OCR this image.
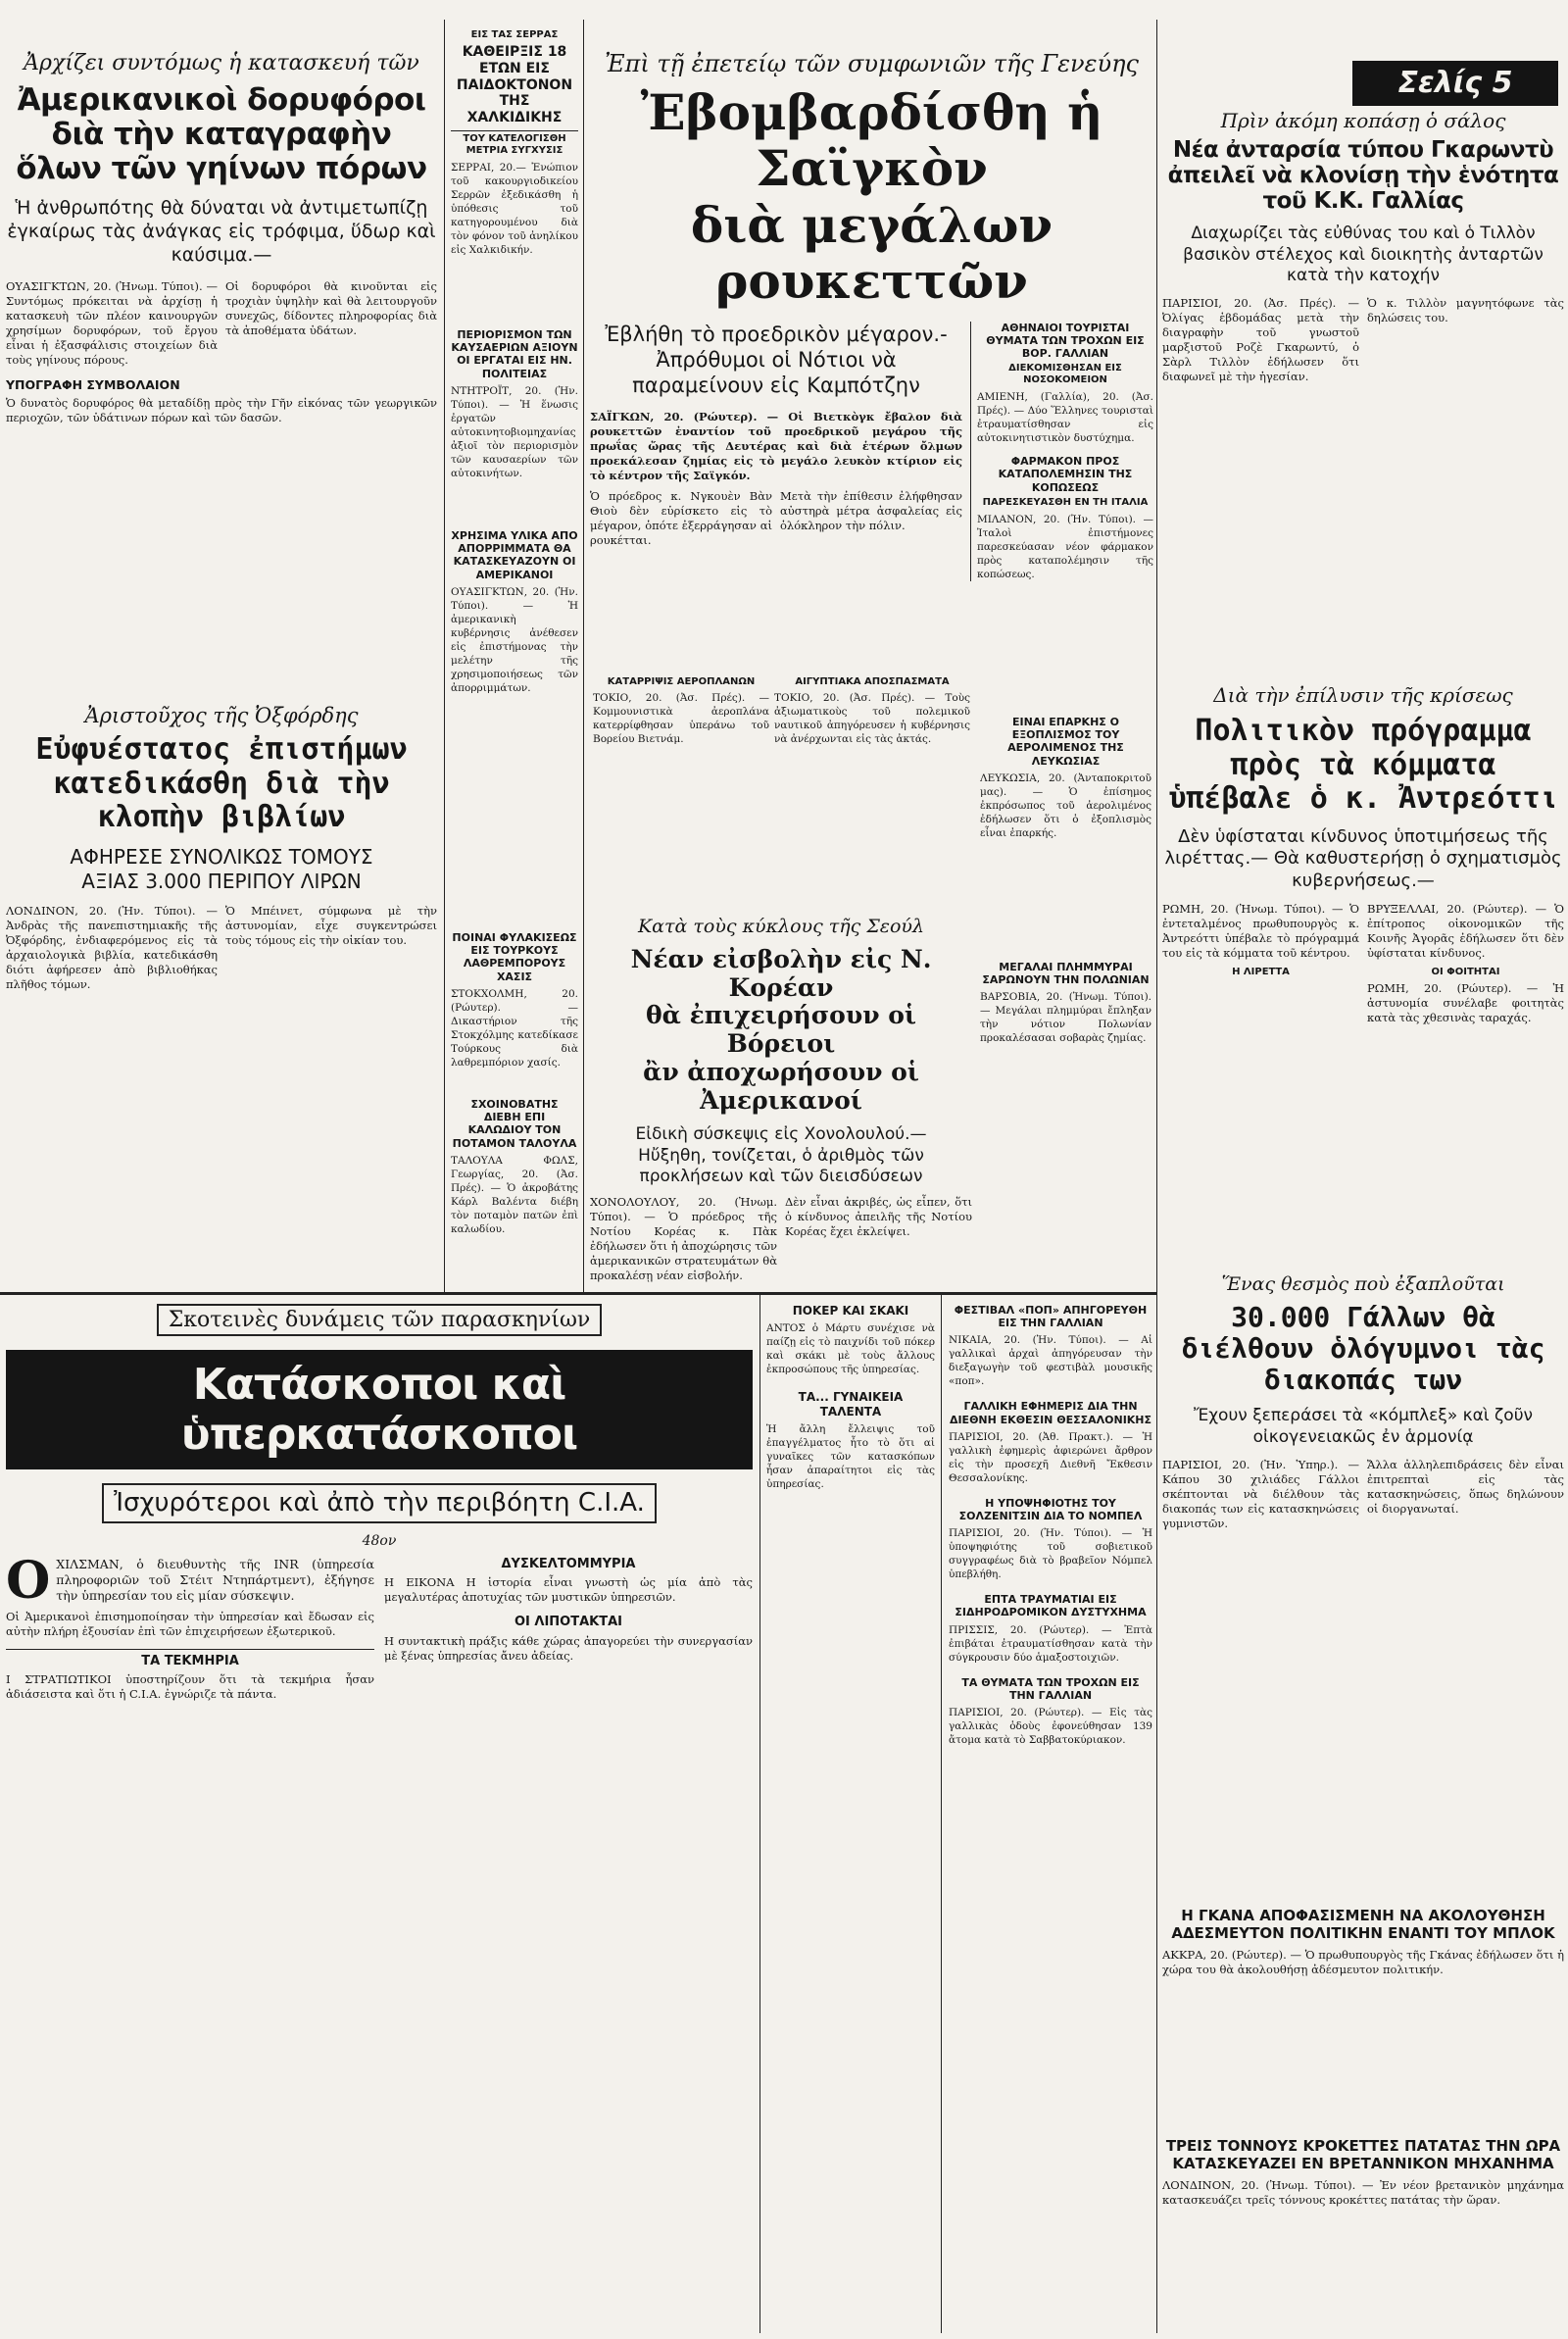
Σελίς 5
Ἀρχίζει συντόμως ἡ κατασκευή τῶν
Ἀμερικανικοὶ δορυφόροι διὰ τὴν καταγραφὴν ὅλων τῶν γηίνων πόρων
Ἡ ἀνθρωπότης θὰ δύναται νὰ ἀντιμετωπίζῃ ἐγκαίρως τὰς ἀνάγκας εἰς τρόφιμα, ὕδωρ καὶ καύσιμα.—
ΟΥΑΣΙΓΚΤΩΝ, 20. (Ἠνωμ. Τύποι). — Συντόμως πρόκειται νὰ ἀρχίσῃ ἡ κατασκευὴ τῶν πλέον καινουργῶν χρησίμων δορυφόρων, τοῦ ἔργου εἶναι ἡ ἐξασφάλισις στοιχείων διὰ τοὺς γηίνους πόρους.
Οἱ δορυφόροι θὰ κινοῦνται εἰς τροχιὰν ὑψηλὴν καὶ θὰ λειτουργοῦν συνεχῶς, δίδοντες πληροφορίας διὰ τὰ ἀποθέματα ὑδάτων.
ΥΠΟΓΡΑΦΗ ΣΥΜΒΟΛΑΙΟΝ
Ὁ δυνατὸς δορυφόρος θὰ μεταδίδῃ πρὸς τὴν Γῆν εἰκόνας τῶν γεωργικῶν περιοχῶν, τῶν ὑδάτινων πόρων καὶ τῶν δασῶν.
Ἀριστοῦχος τῆς Ὀξφόρδης
Εὐφυέστατος ἐπιστήμων κατεδικάσθη διὰ τὴν κλοπὴν βιβλίων
ΑΦΗΡΕΣΕ ΣΥΝΟΛΙΚΩΣ ΤΟΜΟΥΣ
ΑΞΙΑΣ 3.000 ΠΕΡΙΠΟΥ ΛΙΡΩΝ
ΛΟΝΔΙΝΟΝ, 20. (Ἠν. Τύποι). — Ἀνδρὰς τῆς πανεπιστημιακῆς τῆς Ὀξφόρδης, ἐνδιαφερόμενος εἰς τὰ ἀρχαιολογικὰ βιβλία, κατεδικάσθη διότι ἀφήρεσεν ἀπὸ βιβλιοθήκας πλῆθος τόμων.
Ὁ Μπέινετ, σύμφωνα μὲ τὴν ἀστυνομίαν, εἶχε συγκεντρώσει τοὺς τόμους εἰς τὴν οἰκίαν του.
ΕΙΣ ΤΑΣ ΣΕΡΡΑΣ
ΚΑΘΕΙΡΞΙΣ 18 ΕΤΩΝ ΕΙΣ ΠΑΙΔΟΚΤΟΝΟΝ ΤΗΣ ΧΑΛΚΙΔΙΚΗΣ
ΤΟΥ ΚΑΤΕΛΟΓΙΣΘΗ
ΜΕΤΡΙΑ ΣΥΓΧΥΣΙΣ
ΣΕΡΡΑΙ, 20.— Ἐνώπιον τοῦ κακουργιοδικείου Σερρῶν ἐξεδικάσθη ἡ ὑπόθεσις τοῦ κατηγορουμένου διὰ τὸν φόνον τοῦ ἀνηλίκου εἰς Χαλκιδικήν.
ΠΕΡΙΟΡΙΣΜΟΝ ΤΩΝ ΚΑΥΣΑΕΡΙΩΝ ΑΞΙΟΥΝ ΟΙ ΕΡΓΑΤΑΙ ΕΙΣ ΗΝ. ΠΟΛΙΤΕΙΑΣ
ΝΤΗΤΡΟΪΤ, 20. (Ἠν. Τύποι). — Ἡ ἕνωσις ἐργατῶν αὐτοκινητοβιομηχανίας ἀξιοῖ τὸν περιορισμὸν τῶν καυσαερίων τῶν αὐτοκινήτων.
ΧΡΗΣΙΜΑ ΥΛΙΚΑ ΑΠΟ ΑΠΟΡΡΙΜΜΑΤΑ ΘΑ ΚΑΤΑΣΚΕΥΑΖΟΥΝ ΟΙ ΑΜΕΡΙΚΑΝΟΙ
ΟΥΑΣΙΓΚΤΩΝ, 20. (Ἠν. Τύποι). — Ἡ ἀμερικανικὴ κυβέρνησις ἀνέθεσεν εἰς ἐπιστήμονας τὴν μελέτην τῆς χρησιμοποιήσεως τῶν ἀπορριμμάτων.
ΠΟΙΝΑΙ ΦΥΛΑΚΙΣΕΩΣ ΕΙΣ ΤΟΥΡΚΟΥΣ ΛΑΘΡΕΜΠΟΡΟΥΣ ΧΑΣΙΣ
ΣΤΟΚΧΟΛΜΗ, 20. (Ρώυτερ). — Δικαστήριον τῆς Στοκχόλμης κατεδίκασε Τούρκους διὰ λαθρεμπόριον χασίς.
ΣΧΟΙΝΟΒΑΤΗΣ ΔΙΕΒΗ ΕΠΙ ΚΑΛΩΔΙΟΥ ΤΟΝ ΠΟΤΑΜΟΝ ΤΑΛΟΥΛΑ
ΤΑΛΟΥΛΑ ΦΩΛΣ, Γεωργίας, 20. (Ἀσ. Πρές). — Ὁ ἀκροβάτης Κάρλ Βαλέντα διέβη τὸν ποταμὸν πατῶν ἐπὶ καλωδίου.
Ἐπὶ τῇ ἐπετείῳ τῶν συμφωνιῶν τῆς Γενεύης
Ἐβομβαρδίσθη ἡ Σαϊγκὸν
διὰ μεγάλων ρουκεττῶν
Ἐβλήθη τὸ προεδρικὸν μέγαρον.-
Ἀπρόθυμοι οἱ Νότιοι νὰ παραμείνουν εἰς Καμπότζην
ΣΑΪΓΚΩΝ, 20. (Ρώυτερ). — Οἱ Βιετκὸγκ ἔβαλον διὰ ρουκεττῶν ἐναντίον τοῦ προεδρικοῦ μεγάρου τῆς πρωΐας ὥρας τῆς Δευτέρας καὶ διὰ ἑτέρων ὄλμων προεκάλεσαν ζημίας εἰς τὸ μεγάλο λευκὸν κτίριον εἰς τὸ κέντρον τῆς Σαϊγκόν.
Ὁ πρόεδρος κ. Νγκουὲν Βὰν Θιοὺ δὲν εὑρίσκετο εἰς τὸ μέγαρον, ὁπότε ἐξερράγησαν αἱ ρουκέτται.
Μετὰ τὴν ἐπίθεσιν ἐλήφθησαν αὐστηρὰ μέτρα ἀσφαλείας εἰς ὁλόκληρον τὴν πόλιν.
ΑΘΗΝΑΙΟΙ ΤΟΥΡΙΣΤΑΙ ΘΥΜΑΤΑ ΤΩΝ ΤΡΟΧΩΝ ΕΙΣ ΒΟΡ. ΓΑΛΛΙΑΝ
ΔΙΕΚΟΜΙΣΘΗΣΑΝ ΕΙΣ ΝΟΣΟΚΟΜΕΙΟΝ
ΑΜΙΕΝΗ, (Γαλλία), 20. (Ἀσ. Πρές). — Δύο Ἕλληνες τουρισταὶ ἐτραυματίσθησαν εἰς αὐτοκινητιστικὸν δυστύχημα.
ΦΑΡΜΑΚΟΝ ΠΡΟΣ ΚΑΤΑΠΟΛΕΜΗΣΙΝ ΤΗΣ ΚΟΠΩΣΕΩΣ
ΠΑΡΕΣΚΕΥΑΣΘΗ ΕΝ ΤΗ ΙΤΑΛΙΑ
ΜΙΛΑΝΟΝ, 20. (Ἠν. Τύποι). — Ἰταλοὶ ἐπιστήμονες παρεσκεύασαν νέον φάρμακον πρὸς καταπολέμησιν τῆς κοπώσεως.
ΑΙΓΥΠΤΙΑΚΑ ΑΠΟΣΠΑΣΜΑΤΑ
ΤΟΚΙΟ, 20. (Ἀσ. Πρές). — Τοὺς ἀξιωματικοὺς τοῦ πολεμικοῦ ναυτικοῦ ἀπηγόρευσεν ἡ κυβέρνησις νὰ ἀνέρχωνται εἰς τὰς ἀκτάς.
ΚΑΤΑΡΡΙΨΙΣ ΑΕΡΟΠΛΑΝΩΝ
ΤΟΚΙΟ, 20. (Ἀσ. Πρές). — Κομμουνιστικὰ ἀεροπλάνα κατερρίφθησαν ὑπεράνω τοῦ Βορείου Βιετνάμ.
Κατὰ τοὺς κύκλους τῆς Σεούλ
Νέαν εἰσβολὴν εἰς Ν. Κορέαν
θὰ ἐπιχειρήσουν οἱ Βόρειοι
ἂν ἀποχωρήσουν οἱ Ἀμερικανοί
Εἰδικὴ σύσκεψις εἰς Χονολουλού.—
Ηὔξηθη, τονίζεται, ὁ ἀριθμὸς τῶν
προκλήσεων καὶ τῶν διεισδύσεων
ΧΟΝΟΛΟΥΛΟΥ, 20. (Ἠνωμ. Τύποι). — Ὁ πρόεδρος τῆς Νοτίου Κορέας κ. Πὰκ ἐδήλωσεν ὅτι ἡ ἀποχώρησις τῶν ἀμερικανικῶν στρατευμάτων θὰ προκαλέσῃ νέαν εἰσβολήν.
Δὲν εἶναι ἀκριβές, ὡς εἶπεν, ὅτι ὁ κίνδυνος ἀπειλῆς τῆς Νοτίου Κορέας ἔχει ἐκλείψει.
ΕΙΝΑΙ ΕΠΑΡΚΗΣ Ο ΕΞΟΠΛΙΣΜΟΣ ΤΟΥ ΑΕΡΟΛΙΜΕΝΟΣ ΤΗΣ ΛΕΥΚΩΣΙΑΣ
ΛΕΥΚΩΣΙΑ, 20. (Ἀνταποκριτοῦ μας). — Ὁ ἐπίσημος ἐκπρόσωπος τοῦ ἀερολιμένος ἐδήλωσεν ὅτι ὁ ἐξοπλισμὸς εἶναι ἐπαρκής.
ΜΕΓΑΛΑΙ ΠΛΗΜΜΥΡΑΙ ΣΑΡΩΝΟΥΝ ΤΗΝ ΠΟΛΩΝΙΑΝ
ΒΑΡΣΟΒΙΑ, 20. (Ἠνωμ. Τύποι). — Μεγάλαι πλημμύραι ἔπληξαν τὴν νότιον Πολωνίαν προκαλέσασαι σοβαρὰς ζημίας.
Πρὶν ἀκόμη κοπάσῃ ὁ σάλος
Νέα ἀνταρσία τύπου Γκαρωντὺ ἀπειλεῖ νὰ κλονίσῃ τὴν ἑνότητα τοῦ Κ.Κ. Γαλλίας
Διαχωρίζει τὰς εὐθύνας του καὶ ὁ Τιλλὸν βασικὸν στέλεχος καὶ διοικητὴς ἀνταρτῶν κατὰ τὴν κατοχήν
ΠΑΡΙΣΙΟΙ, 20. (Ἀσ. Πρές). — Ὀλίγας ἑβδομάδας μετὰ τὴν διαγραφὴν τοῦ γνωστοῦ μαρξιστοῦ Ροζὲ Γκαρωντύ, ὁ Σὰρλ Τιλλὸν ἐδήλωσεν ὅτι διαφωνεῖ μὲ τὴν ἡγεσίαν.
Ὁ κ. Τιλλὸν μαγνητόφωνε τὰς δηλώσεις του.
Διὰ τὴν ἐπίλυσιν τῆς κρίσεως
Πολιτικὸν πρόγραμμα πρὸς τὰ κόμματα ὑπέβαλε ὁ κ. Ἀντρεόττι
Δὲν ὑφίσταται κίνδυνος ὑποτιμήσεως τῆς λιρέττας.— Θὰ καθυστερήσῃ ὁ σχηματισμὸς κυβερνήσεως.—
ΡΩΜΗ, 20. (Ἠνωμ. Τύποι). — Ὁ ἐντεταλμένος πρωθυπουργὸς κ. Ἀντρεόττι ὑπέβαλε τὸ πρόγραμμά του εἰς τὰ κόμματα τοῦ κέντρου.
Η ΛΙΡΕΤΤΑ
ΒΡΥΞΕΛΛΑΙ, 20. (Ρώυτερ). — Ὁ ἐπίτροπος οἰκονομικῶν τῆς Κοινῆς Ἀγορᾶς ἐδήλωσεν ὅτι δὲν ὑφίσταται κίνδυνος.
ΟΙ ΦΟΙΤΗΤΑΙ
ΡΩΜΗ, 20. (Ρώυτερ). — Ἡ ἀστυνομία συνέλαβε φοιτητὰς κατὰ τὰς χθεσινὰς ταραχάς.
Ἕνας θεσμὸς ποὺ ἐξαπλοῦται
30.000 Γάλλων θὰ διέλθουν ὁλόγυμνοι τὰς διακοπάς των
Ἔχουν ξεπεράσει τὰ «κόμπλεξ» καὶ ζοῦν οἰκογενειακῶς ἐν ἁρμονίᾳ
ΠΑΡΙΣΙΟΙ, 20. (Ἠν. Ὑπηρ.). — Κάπου 30 χιλιάδες Γάλλοι σκέπτονται νὰ διέλθουν τὰς διακοπάς των εἰς κατασκηνώσεις γυμνιστῶν.
Ἄλλα ἀλληλεπιδράσεις δὲν εἶναι ἐπιτρεπταὶ εἰς τὰς κατασκηνώσεις, ὅπως δηλώνουν οἱ διοργανωταί.
Η ΓΚΑΝΑ ΑΠΟΦΑΣΙΣΜΕΝΗ ΝΑ ΑΚΟΛΟΥΘΗΣΗ ΑΔΕΣΜΕΥΤΟΝ ΠΟΛΙΤΙΚΗΝ ΕΝΑΝΤΙ ΤΟΥ ΜΠΛΟΚ
ΑΚΚΡΑ, 20. (Ρώυτερ). — Ὁ πρωθυπουργὸς τῆς Γκάνας ἐδήλωσεν ὅτι ἡ χώρα του θὰ ἀκολουθήσῃ ἀδέσμευτον πολιτικήν.
ΤΡΕΙΣ ΤΟΝΝΟΥΣ ΚΡΟΚΕΤΤΕΣ ΠΑΤΑΤΑΣ ΤΗΝ ΩΡΑ ΚΑΤΑΣΚΕΥΑΖΕΙ ΕΝ ΒΡΕΤΑΝΝΙΚΟΝ ΜΗΧΑΝΗΜΑ
ΛΟΝΔΙΝΟΝ, 20. (Ἠνωμ. Τύποι). — Ἐν νέον βρετανικὸν μηχάνημα κατασκευάζει τρεῖς τόννους κροκέττες πατάτας τὴν ὥραν.
Σκοτεινὲς δυνάμεις τῶν παρασκηνίων
Κατάσκοποι καὶ ὑπερκατάσκοποι
Ἰσχυρότεροι καὶ ἀπὸ τὴν περιβόητη C.I.A.
48ον
OΧΙΛΣΜΑΝ, ὁ διευθυντὴς τῆς INR (ὑπηρεσία πληροφοριῶν τοῦ Στέιτ Ντηπάρτμεντ), ἐξήγησε τὴν ὑπηρεσίαν του εἰς μίαν σύσκεψιν.
Οἱ Ἀμερικανοὶ ἐπισημοποίησαν τὴν ὑπηρεσίαν καὶ ἔδωσαν εἰς αὐτὴν πλήρη ἐξουσίαν ἐπὶ τῶν ἐπιχειρήσεων ἐξωτερικοῦ.
ΤΑ ΤΕΚΜΗΡΙΑ
Ι ΣΤΡΑΤΙΩΤΙΚΟΙ ὑποστηρίζουν ὅτι τὰ τεκμήρια ἦσαν ἀδιάσειστα καὶ ὅτι ἡ C.I.A. ἐγνώριζε τὰ πάντα.
ΔΥΣΚΕΛΤΟΜΜΥΡΙΑ
Η ΕΙΚΟΝΑ Η ἱστορία εἶναι γνωστὴ ὡς μία ἀπὸ τὰς μεγαλυτέρας ἀποτυχίας τῶν μυστικῶν ὑπηρεσιῶν.
ΟΙ ΛΙΠΟΤΑΚΤΑΙ
Η συντακτικὴ πράξις κάθε χώρας ἀπαγορεύει τὴν συνεργασίαν μὲ ξένας ὑπηρεσίας ἄνευ ἀδείας.
ΠΟΚΕΡ ΚΑΙ ΣΚΑΚΙ
ΑΝΤΟΣ ὁ Μάρτυ συνέχισε νὰ παίζῃ εἰς τὸ παιχνίδι τοῦ πόκερ καὶ σκάκι μὲ τοὺς ἄλλους ἐκπροσώπους τῆς ὑπηρεσίας.
ΤΑ... ΓΥΝΑΙΚΕΙΑ ΤΑΛΕΝΤΑ
Ἡ ἄλλη ἔλλειψις τοῦ ἐπαγγέλματος ἦτο τὸ ὅτι αἱ γυναῖκες τῶν κατασκόπων ἦσαν ἀπαραίτητοι εἰς τὰς ὑπηρεσίας.
ΦΕΣΤΙΒΑΛ «ΠΟΠ» ΑΠΗΓΟΡΕΥΘΗ ΕΙΣ ΤΗΝ ΓΑΛΛΙΑΝ
ΝΙΚΑΙΑ, 20. (Ἠν. Τύποι). — Αἱ γαλλικαὶ ἀρχαὶ ἀπηγόρευσαν τὴν διεξαγωγὴν τοῦ φεστιβὰλ μουσικῆς «ποπ».
ΓΑΛΛΙΚΗ ΕΦΗΜΕΡΙΣ ΔΙΑ ΤΗΝ ΔΙΕΘΝΗ ΕΚΘΕΣΙΝ ΘΕΣΣΑΛΟΝΙΚΗΣ
ΠΑΡΙΣΙΟΙ, 20. (Ἀθ. Πρακτ.). — Ἡ γαλλικὴ ἐφημερὶς ἀφιερώνει ἄρθρον εἰς τὴν προσεχῆ Διεθνῆ Ἔκθεσιν Θεσσαλονίκης.
Η ΥΠΟΨΗΦΙΟΤΗΣ ΤΟΥ ΣΟΛΖΕΝΙΤΣΙΝ ΔΙΑ ΤΟ ΝΟΜΠΕΛ
ΠΑΡΙΣΙΟΙ, 20. (Ἠν. Τύποι). — Ἡ ὑποψηφιότης τοῦ σοβιετικοῦ συγγραφέως διὰ τὸ βραβεῖον Νόμπελ ὑπεβλήθη.
ΕΠΤΑ ΤΡΑΥΜΑΤΙΑΙ ΕΙΣ ΣΙΔΗΡΟΔΡΟΜΙΚΟΝ ΔΥΣΤΥΧΗΜΑ
ΠΡΙΣΣΙΣ, 20. (Ρώυτερ). — Ἐπτὰ ἐπιβάται ἐτραυματίσθησαν κατὰ τὴν σύγκρουσιν δύο ἁμαξοστοιχιῶν.
ΤΑ ΘΥΜΑΤΑ ΤΩΝ ΤΡΟΧΩΝ ΕΙΣ ΤΗΝ ΓΑΛΛΙΑΝ
ΠΑΡΙΣΙΟΙ, 20. (Ρώυτερ). — Εἰς τὰς γαλλικὰς ὁδοὺς ἐφονεύθησαν 139 ἄτομα κατὰ τὸ Σαββατοκύριακον.
